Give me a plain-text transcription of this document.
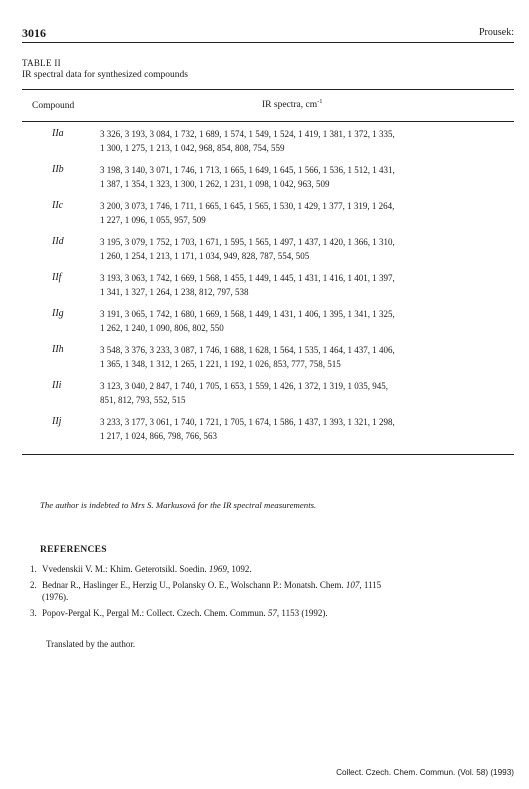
3016	Prousek:
TABLE II
IR spectral data for synthesized compounds
Compound	IR spectra, $cm^{-1}$
IIa	3 326, 3 193, 3 084, 1 732, 1 689, 1 574, 1 549, 1 524, 1 419, 1 381, 1 372, 1 335,
1 300, 1 275, 1 213, 1 042, 968, 854, 808, 754, 559
IIb	3 198, 3 140, 3 071, 1 746, 1 713, 1 665, 1 649, 1 645, 1 566, 1 536, 1 512, 1 431,
1 387, 1 354, 1 323, 1 300, 1 262, 1 231, 1 098, 1 042, 963, 509
IIc	3 200, 3 073, 1 746, 1 711, 1 665, 1 645, 1 565, 1 530, 1 429, 1 377, 1 319, 1 264,
1 227, 1 096, 1 055, 957, 509
IId	3 195, 3 079, 1 752, 1 703, 1 671, 1 595, 1 565, 1 497, 1 437, 1 420, 1 366, 1 310,
1 260, 1 254, 1 213, 1 171, 1 034, 949, 828, 787, 554, 505
IIf	3 193, 3 063, 1 742, 1 669, 1 568, 1 455, 1 449, 1 445, 1 431, 1 416, 1 401, 1 397,
1 341, 1 327, 1 264, 1 238, 812, 797, 538
IIg	3 191, 3 065, 1 742, 1 680, 1 669, 1 568, 1 449, 1 431, 1 406, 1 395, 1 341, 1 325,
1 262, 1 240, 1 090, 806, 802, 550
IIh	3 548, 3 376, 3 233, 3 087, 1 746, 1 688, 1 628, 1 564, 1 535, 1 464, 1 437, 1 406,
1 365, 1 348, 1 312, 1 265, 1 221, 1 192, 1 026, 853, 777, 758, 515
IIi	3 123, 3 040, 2 847, 1 740, 1 705, 1 653, 1 559, 1 426, 1 372, 1 319, 1 035, 945,
851, 812, 793, 552, 515
IIj	3 233, 3 177, 3 061, 1 740, 1 721, 1 705, 1 674, 1 586, 1 437, 1 393, 1 321, 1 298,
1 217, 1 024, 866, 798, 766, 563
The author is indebted to Mrs S. Markusová for the IR spectral measurements.
REFERENCES
1. Vvedenskii V. M.: Khim. Geterotsikl. Soedin. 1969, 1092.
2. Bednar R., Haslinger E., Herzig U., Polansky O. E., Wolschann P.: Monatsh. Chem. 107, 1115
(1976).
3. Popov-Pergal K., Pergal M.: Collect. Czech. Chem. Commun. 57, 1153 (1992).
Translated by the author.
Collect. Czech. Chem. Commun. (Vol. 58) (1993)
